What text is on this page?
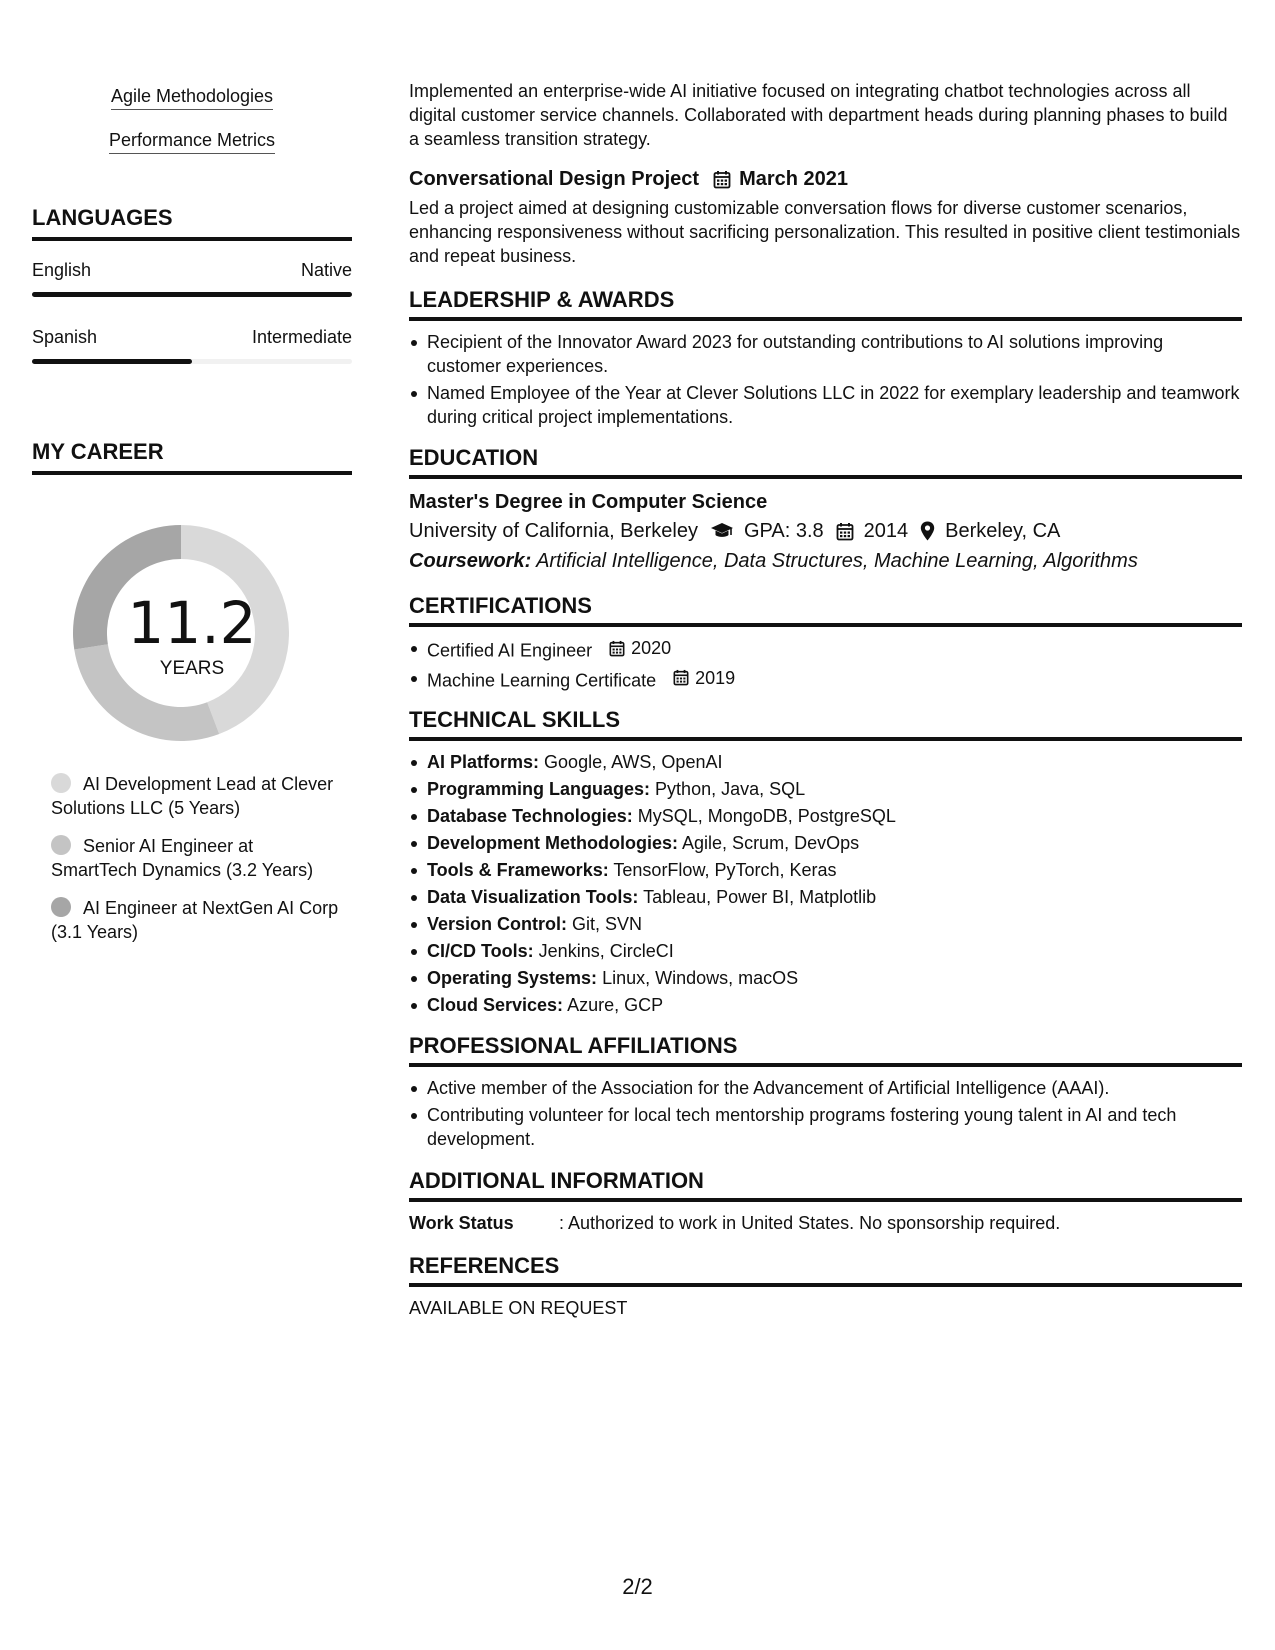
Agile Methodologies
Performance Metrics
LANGUAGES
English	Native
Spanish	Intermediate
MY CAREER
11.2
YEARS
AI Development Lead at Clever Solutions LLC (5 Years)
Senior AI Engineer at SmartTech Dynamics (3.2 Years)
AI Engineer at NextGen AI Corp (3.1 Years)

Implemented an enterprise-wide AI initiative focused on integrating chatbot technologies across all digital customer service channels. Collaborated with department heads during planning phases to build a seamless transition strategy.

Conversational Design Project March 2021

Led a project aimed at designing customizable conversation flows for diverse customer scenarios, enhancing responsiveness without sacrificing personalization. This resulted in positive client testimonials and repeat business.

LEADERSHIP & AWARDS
Recipient of the Innovator Award 2023 for outstanding contributions to AI solutions improving customer experiences.
Named Employee of the Year at Clever Solutions LLC in 2022 for exemplary leadership and teamwork during critical project implementations.
EDUCATION
Master's Degree in Computer Science
University of California, Berkeley GPA: 3.8 2014 Berkeley, CA
Coursework: Artificial Intelligence, Data Structures, Machine Learning, Algorithms
CERTIFICATIONS
Certified AI Engineer 2020
Machine Learning Certificate 2019
TECHNICAL SKILLS
AI Platforms: Google, AWS, OpenAI
Programming Languages: Python, Java, SQL
Database Technologies: MySQL, MongoDB, PostgreSQL
Development Methodologies: Agile, Scrum, DevOps
Tools & Frameworks: TensorFlow, PyTorch, Keras
Data Visualization Tools: Tableau, Power BI, Matplotlib
Version Control: Git, SVN
CI/CD Tools: Jenkins, CircleCI
Operating Systems: Linux, Windows, macOS
Cloud Services: Azure, GCP
PROFESSIONAL AFFILIATIONS
Active member of the Association for the Advancement of Artificial Intelligence (AAAI).
Contributing volunteer for local tech mentorship programs fostering young talent in AI and tech development.
ADDITIONAL INFORMATION
Work Status	: Authorized to work in United States. No sponsorship required.
REFERENCES
AVAILABLE ON REQUEST
2/2
